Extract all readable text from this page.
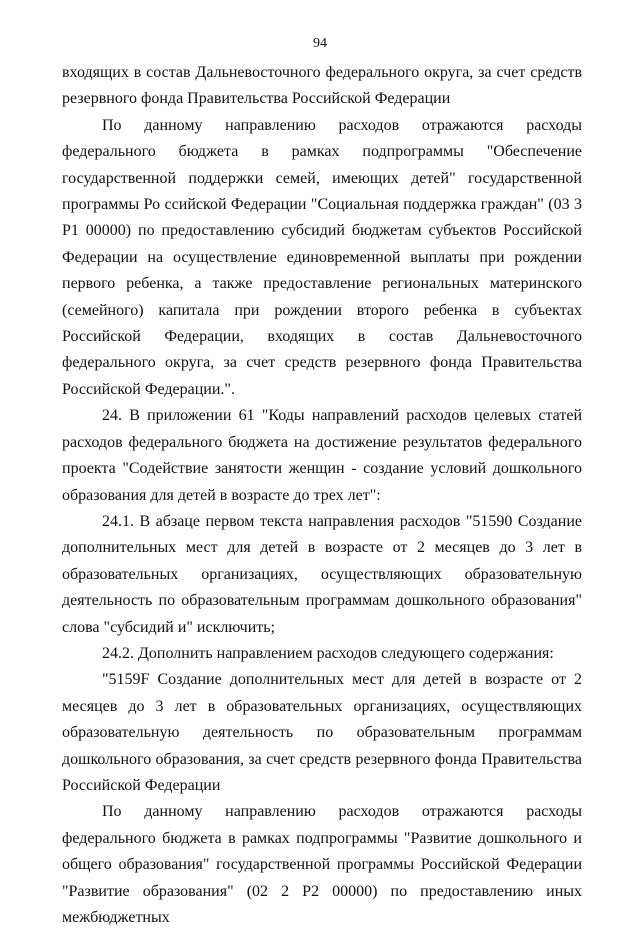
94

входящих в состав Дальневосточного федерального округа, за счет средств резервного фонда Правительства Российской Федерации

По данному направлению расходов отражаются расходы федерального бюджета в рамках подпрограммы "Обеспечение государственной поддержки семей, имеющих детей" государственной программы Ро ссийской Федерации "Социальная поддержка граждан" (03 3 P1 00000) по предоставлению субсидий бюджетам субъектов Российской Федерации на осуществление единовременной выплаты при рождении первого ребенка, а также предоставление региональных материнского (семейного) капитала при рождении второго ребенка в субъектах Российской Федерации, входящих в состав Дальневосточного федерального округа, за счет средств резервного фонда Правительства Российской Федерации.".

24. В приложении 61 "Коды направлений расходов целевых статей расходов федерального бюджета на достижение результатов федерального проекта "Содействие занятости женщин - создание условий дошкольного образования для детей в возрасте до трех лет":

24.1. В абзаце первом текста направления расходов "51590 Создание дополнительных мест для детей в возрасте от 2 месяцев до 3 лет в образовательных организациях, осуществляющих образовательную деятельность по образовательным программам дошкольного образования" слова "субсидий и" исключить;

24.2. Дополнить направлением расходов следующего содержания:

"5159F Создание дополнительных мест для детей в возрасте от 2 месяцев до 3 лет в образовательных организациях, осуществляющих образовательную деятельность по образовательным программам дошкольного образования, за счет средств резервного фонда Правительства Российской Федерации

По данному направлению расходов отражаются расходы федерального бюджета в рамках подпрограммы "Развитие дошкольного и общего образования" государственной программы Российской Федерации "Развитие образования" (02 2 P2 00000) по предоставлению иных межбюджетных
